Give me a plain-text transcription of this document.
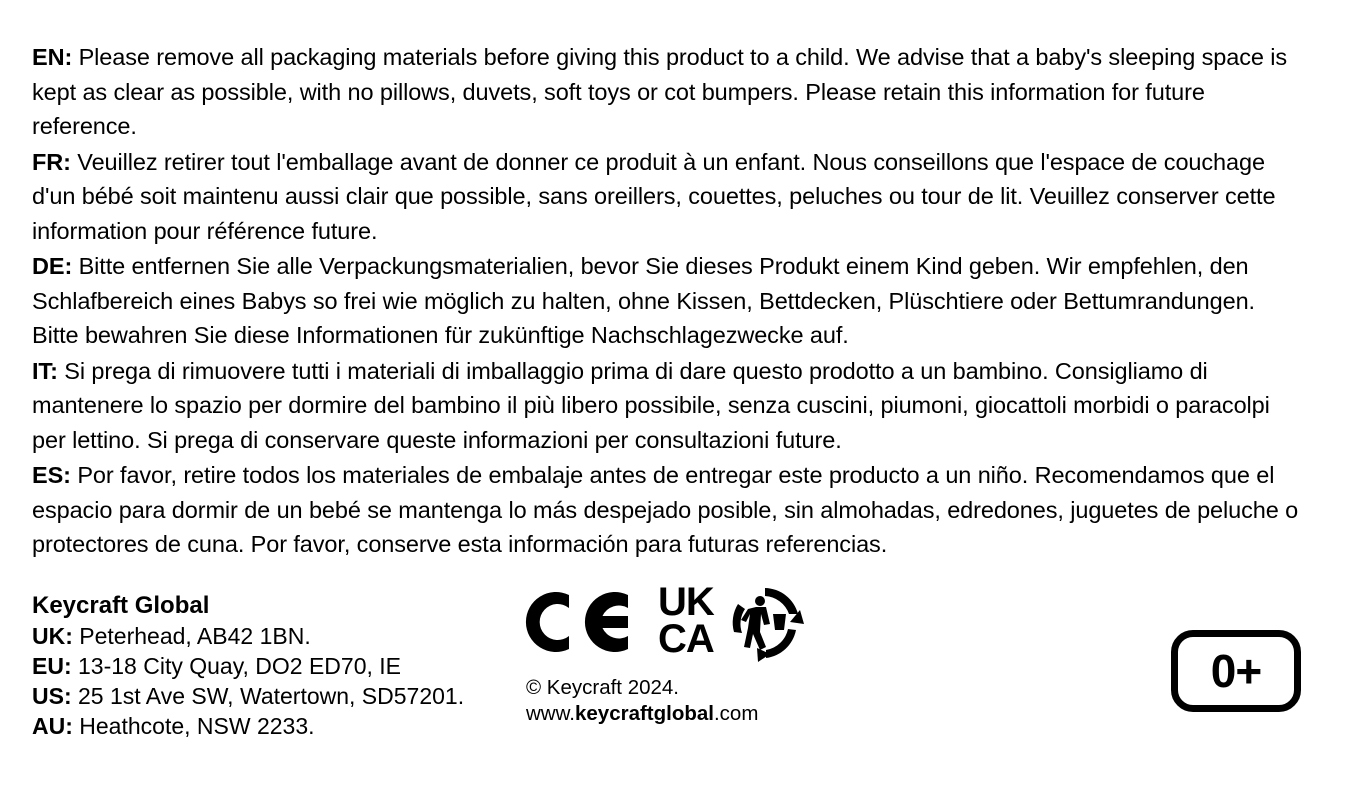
EN: Please remove all packaging materials before giving this product to a child. We advise that a baby's sleeping space is kept as clear as possible, with no pillows, duvets, soft toys or cot bumpers. Please retain this information for future reference.

FR: Veuillez retirer tout l'emballage avant de donner ce produit à un enfant. Nous conseillons que l'espace de couchage d'un bébé soit maintenu aussi clair que possible, sans oreillers, couettes, peluches ou tour de lit. Veuillez conserver cette information pour référence future.

DE: Bitte entfernen Sie alle Verpackungsmaterialien, bevor Sie dieses Produkt einem Kind geben. Wir empfehlen, den Schlafbereich eines Babys so frei wie möglich zu halten, ohne Kissen, Bettdecken, Plüschtiere oder Bettumrandungen. Bitte bewahren Sie diese Informationen für zukünftige Nachschlagezwecke auf.

IT: Si prega di rimuovere tutti i materiali di imballaggio prima di dare questo prodotto a un bambino. Consigliamo di mantenere lo spazio per dormire del bambino il più libero possibile, senza cuscini, piumoni, giocattoli morbidi o paracolpi per lettino. Si prega di conservare queste informazioni per consultazioni future.

ES: Por favor, retire todos los materiales de embalaje antes de entregar este producto a un niño. Recomendamos que el espacio para dormir de un bebé se mantenga lo más despejado posible, sin almohadas, edredones, juguetes de peluche o protectores de cuna. Por favor, conserve esta información para futuras referencias.

Keycraft Global
UK: Peterhead, AB42 1BN.
EU: 13-18 City Quay, DO2 ED70, IE
US: 25 1st Ave SW, Watertown, SD57201.
AU: Heathcote, NSW 2233.
UK
CA
© Keycraft 2024.
www.keycraftglobal.com
0+
